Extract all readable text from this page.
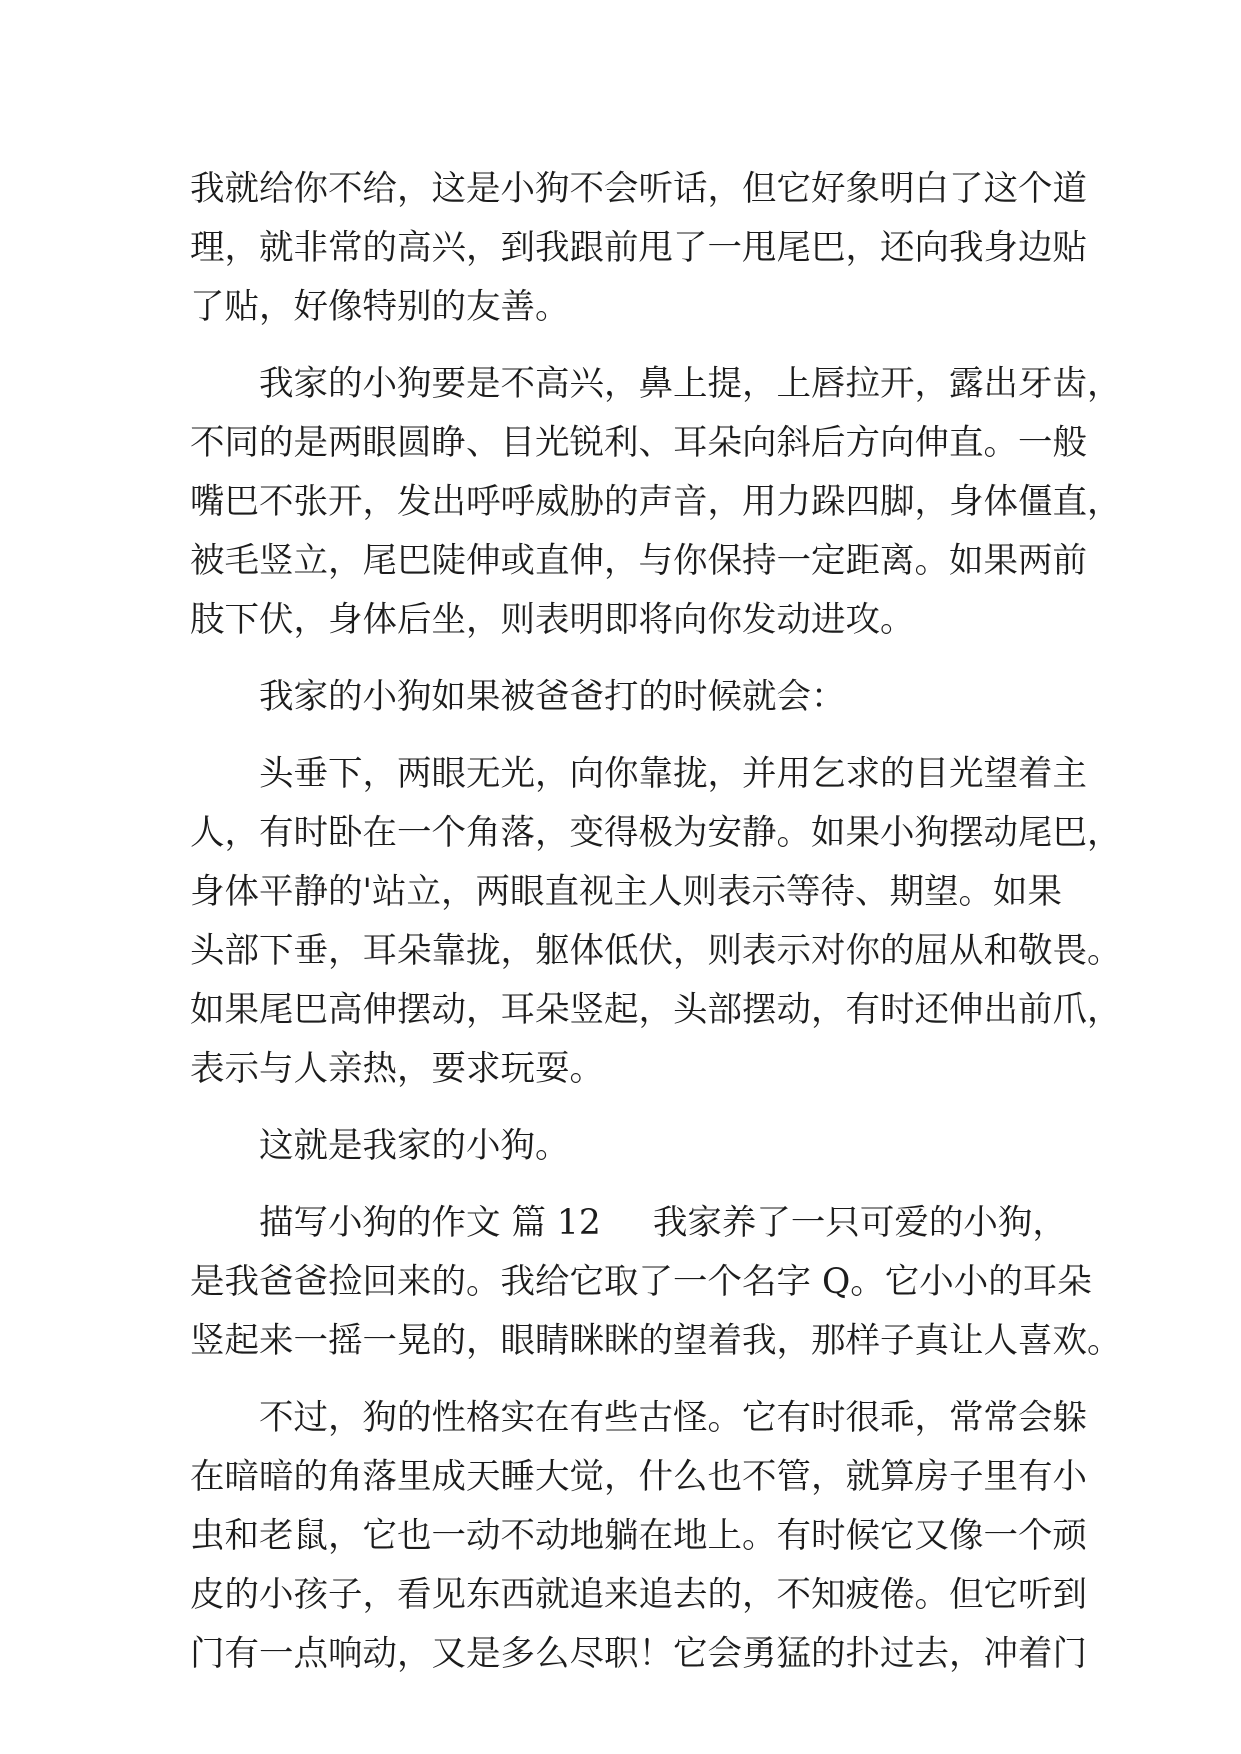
我就给你不给，这是小狗不会听话，但它好象明白了这个道
理，就非常的高兴，到我跟前甩了一甩尾巴，还向我身边贴
了贴，好像特别的友善。
　　我家的小狗要是不高兴，鼻上提，上唇拉开，露出牙齿，
不同的是两眼圆睁、目光锐利、耳朵向斜后方向伸直。一般
嘴巴不张开，发出呼呼威胁的声音，用力跺四脚，身体僵直，
被毛竖立，尾巴陡伸或直伸，与你保持一定距离。如果两前
肢下伏，身体后坐，则表明即将向你发动进攻。
　　我家的小狗如果被爸爸打的时候就会：
　　头垂下，两眼无光，向你靠拢，并用乞求的目光望着主
人，有时卧在一个角落，变得极为安静。如果小狗摆动尾巴，
身体平静的'站立，两眼直视主人则表示等待、期望。如果
头部下垂，耳朵靠拢，躯体低伏，则表示对你的屈从和敬畏。
如果尾巴高伸摆动，耳朵竖起，头部摆动，有时还伸出前爪，
表示与人亲热，要求玩耍。
　　这就是我家的小狗。
　　描写小狗的作文 篇 12 我家养了一只可爱的小狗，
是我爸爸捡回来的。我给它取了一个名字 Q。它小小的耳朵
竖起来一摇一晃的，眼睛眯眯的望着我，那样子真让人喜欢。
　　不过，狗的性格实在有些古怪。它有时很乖，常常会躲
在暗暗的角落里成天睡大觉，什么也不管，就算房子里有小
虫和老鼠，它也一动不动地躺在地上。有时候它又像一个顽
皮的小孩子，看见东西就追来追去的，不知疲倦。但它听到
门有一点响动，又是多么尽职！它会勇猛的扑过去，冲着门
